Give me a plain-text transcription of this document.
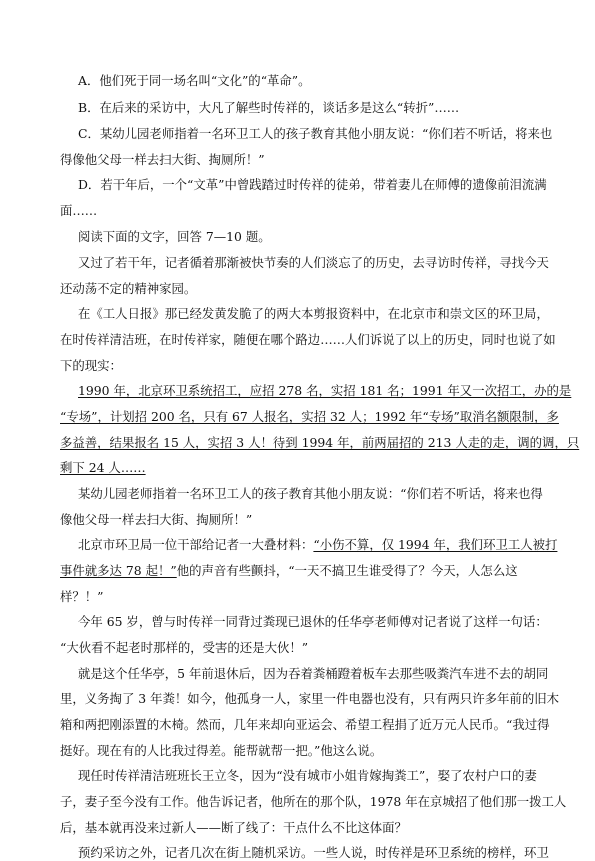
A．他们死于同一场名叫“文化”的“革命”。
B．在后来的采访中，大凡了解些时传祥的，谈话多是这么“转折”……
C．某幼儿园老师指着一名环卫工人的孩子教育其他小朋友说：“你们若不听话，将来也
得像他父母一样去扫大街、掏厕所！”
D．若干年后，一个“文革”中曾践踏过时传祥的徒弟，带着妻儿在师傅的遗像前泪流满
面……
阅读下面的文字，回答 7—10 题。
又过了若干年，记者循着那渐被快节奏的人们淡忘了的历史，去寻访时传祥，寻找今天
还动荡不定的精神家园。
在《工人日报》那已经发黄发脆了的两大本剪报资料中，在北京市和崇文区的环卫局，
在时传祥清洁班，在时传祥家，随便在哪个路边……人们诉说了以上的历史，同时也说了如
下的现实：
1990 年，北京环卫系统招工，应招 278 名，实招 181 名；1991 年又一次招工，办的是
“专场”，计划招 200 名，只有 67 人报名，实招 32 人；1992 年“专场”取消名额限制，多
多益善，结果报名 15 人，实招 3 人！待到 1994 年，前两届招的 213 人走的走，调的调，只
剩下 24 人……
某幼儿园老师指着一名环卫工人的孩子教育其他小朋友说：“你们若不听话，将来也得
像他父母一样去扫大街、掏厕所！”
北京市环卫局一位干部给记者一大叠材料：“小伤不算，仅 1994 年，我们环卫工人被打
事件就多达 78 起！”他的声音有些颤抖，“一天不搞卫生谁受得了？今天，人怎么这
样？！”
今年 65 岁，曾与时传祥一同背过粪现已退休的任华亭老师傅对记者说了这样一句话：
“大伙看不起老时那样的，受害的还是大伙！”
就是这个任华亭，5 年前退休后，因为吞着粪桶蹬着板车去那些吸粪汽车进不去的胡同
里，义务掏了 3 年粪！如今，他孤身一人，家里一件电器也没有，只有两只许多年前的旧木
箱和两把刚添置的木椅。然而，几年来却向亚运会、希望工程捐了近万元人民币。“我过得
挺好。现在有的人比我过得差。能帮就帮一把。”他这么说。
现任时传祥清洁班班长王立冬，因为“没有城市小姐肯嫁掏粪工”，娶了农村户口的妻
子，妻子至今没有工作。他告诉记者，他所在的那个队，1978 年在京城招了他们那一拨工人
后，基本就再没来过新人——断了线了：干点什么不比这体面？
预约采访之外，记者几次在街上随机采访。一些人说，时传祥是环卫系统的榜样，环卫
